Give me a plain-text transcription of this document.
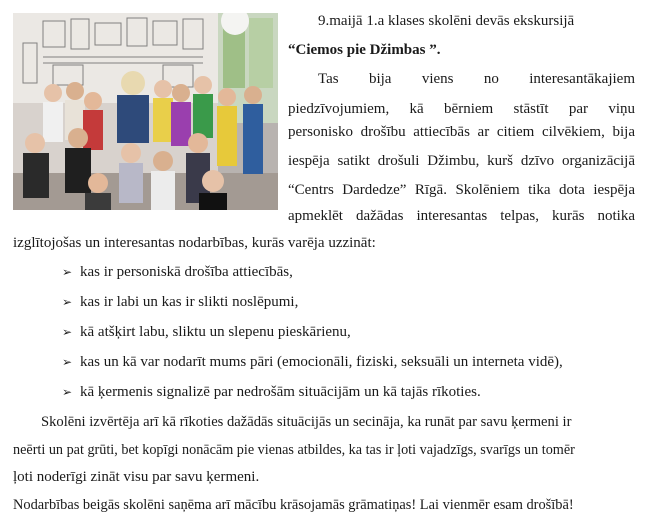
9.maijā 1.a klases skolēni devās ekskursijā
“Ciemos pie Džimbas ”.
Tas bija viens no interesantākajiem
piedzīvojumiem, kā bērniem stāstīt par viņu
personisko drošību attiecībās ar citiem cilvēkiem, bija
iespēja satikt drošuli Džimbu, kurš dzīvo organizācijā
“Centrs Dardedze” Rīgā. Skolēniem tika dota iespēja
apmeklēt dažādas interesantas telpas, kurās notika
izglītojošas un interesantas nodarbības, kurās varēja uzzināt:
➢ kas ir personiskā drošība attiecībās,
➢ kas ir labi un kas ir slikti noslēpumi,
➢ kā atšķirt labu, sliktu un slepenu pieskārienu,
➢ kas un kā var nodarīt mums pāri (emocionāli, fiziski, seksuāli un interneta vidē),
➢ kā ķermenis signalizē par nedrošām situācijām un kā tajās rīkoties.
Skolēni izvērtēja arī kā rīkoties dažādās situācijās un secināja, ka runāt par savu ķermeni ir
neērti un pat grūti, bet kopīgi nonācām pie vienas atbildes, ka tas ir ļoti vajadzīgs, svarīgs un tomēr
ļoti noderīgi zināt visu par savu ķermeni.
Nodarbības beigās skolēni saņēma arī mācību krāsojamās grāmatiņas! Lai vienmēr esam drošībā!
